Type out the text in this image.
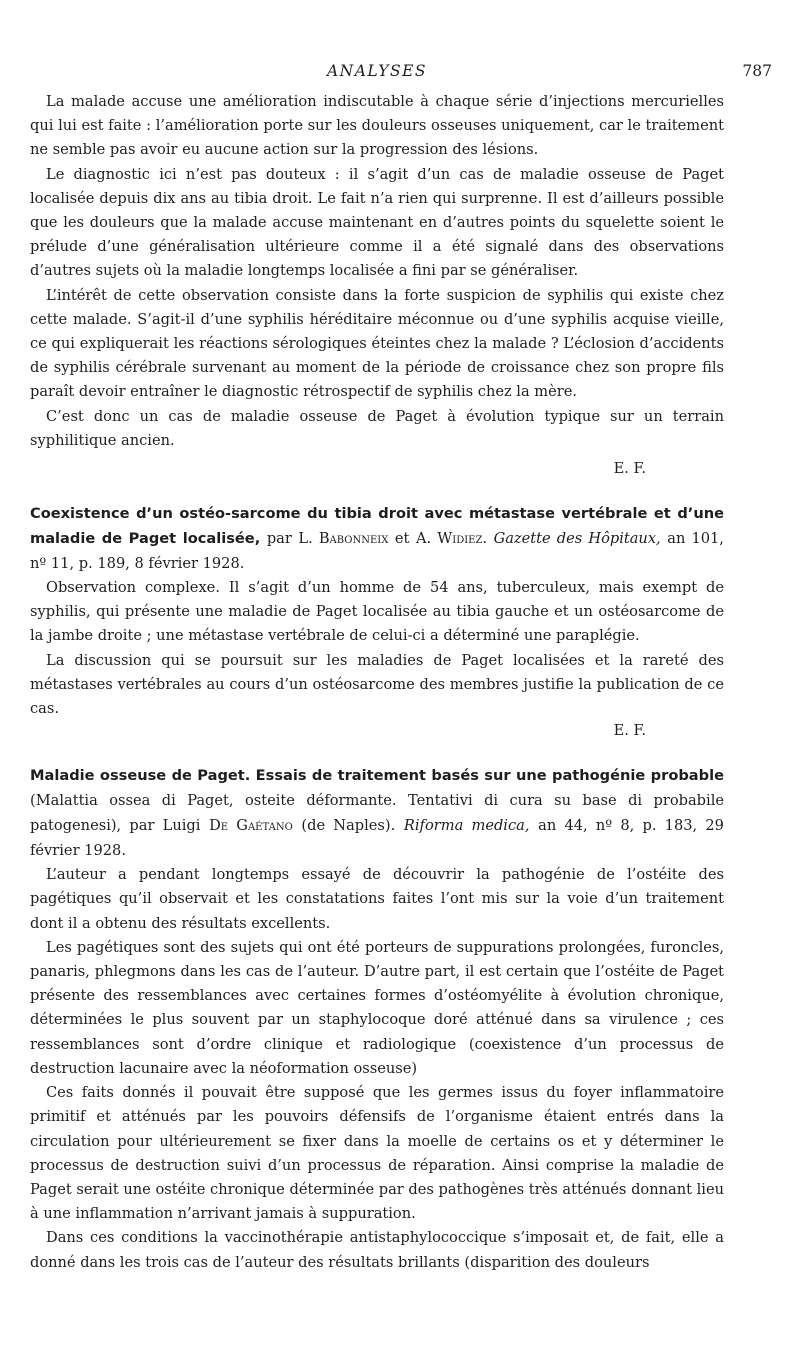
ANALYSES	787

La malade accuse une amélioration indiscutable à chaque série d’injections mercurielles qui lui est faite : l’amélioration porte sur les douleurs osseuses uniquement, car le traitement ne semble pas avoir eu aucune action sur la progression des lésions.

Le diagnostic ici n’est pas douteux : il s’agit d’un cas de maladie osseuse de Paget localisée depuis dix ans au tibia droit. Le fait n’a rien qui surprenne. Il est d’ailleurs possible que les douleurs que la malade accuse maintenant en d’autres points du squelette soient le prélude d’une généralisation ultérieure comme il a été signalé dans des observations d’autres sujets où la maladie longtemps localisée a fini par se généraliser.

L’intérêt de cette observation consiste dans la forte suspicion de syphilis qui existe chez cette malade. S’agit-il d’une syphilis héréditaire méconnue ou d’une syphilis acquise vieille, ce qui expliquerait les réactions sérologiques éteintes chez la malade ? L’éclosion d’accidents de syphilis cérébrale survenant au moment de la période de croissance chez son propre fils paraît devoir entraîner le diagnostic rétrospectif de syphilis chez la mère.

C’est donc un cas de maladie osseuse de Paget à évolution typique sur un terrain syphilitique ancien.

E. F.
Coexistence d’un ostéo-sarcome du tibia droit avec métastase vertébrale et d’une maladie de Paget localisée, par L. Babonneix et A. Widiez. Gazette des Hôpitaux, an 101, nº 11, p. 189, 8 février 1928.

Observation complexe. Il s’agit d’un homme de 54 ans, tuberculeux, mais exempt de syphilis, qui présente une maladie de Paget localisée au tibia gauche et un ostéosarcome de la jambe droite ; une métastase vertébrale de celui-ci a déterminé une paraplégie.

La discussion qui se poursuit sur les maladies de Paget localisées et la rareté des métastases vertébrales au cours d’un ostéosarcome des membres justifie la publication de ce cas.

E. F.
Maladie osseuse de Paget. Essais de traitement basés sur une pathogénie probable (Malattia ossea di Paget, osteite déformante. Tentativi di cura su base di probabile patogenesi), par Luigi De Gaétano (de Naples). Riforma medica, an 44, nº 8, p. 183, 29 février 1928.

L’auteur a pendant longtemps essayé de découvrir la pathogénie de l’ostéite des pagétiques qu’il observait et les constatations faites l’ont mis sur la voie d’un traitement dont il a obtenu des résultats excellents.

Les pagétiques sont des sujets qui ont été porteurs de suppurations prolongées, furoncles, panaris, phlegmons dans les cas de l’auteur. D’autre part, il est certain que l’ostéite de Paget présente des ressemblances avec certaines formes d’ostéomyélite à évolution chronique, déterminées le plus souvent par un staphylocoque doré atténué dans sa virulence ; ces ressemblances sont d’ordre clinique et radiologique (coexistence d’un processus de destruction lacunaire avec la néoformation osseuse)

Ces faits donnés il pouvait être supposé que les germes issus du foyer inflammatoire primitif et atténués par les pouvoirs défensifs de l’organisme étaient entrés dans la circulation pour ultérieurement se fixer dans la moelle de certains os et y déterminer le processus de destruction suivi d’un processus de réparation. Ainsi comprise la maladie de Paget serait une ostéite chronique déterminée par des pathogènes très atténués donnant lieu à une inflammation n’arrivant jamais à suppuration.

Dans ces conditions la vaccinothérapie antistaphylococcique s’imposait et, de fait, elle a donné dans les trois cas de l’auteur des résultats brillants (disparition des douleurs
